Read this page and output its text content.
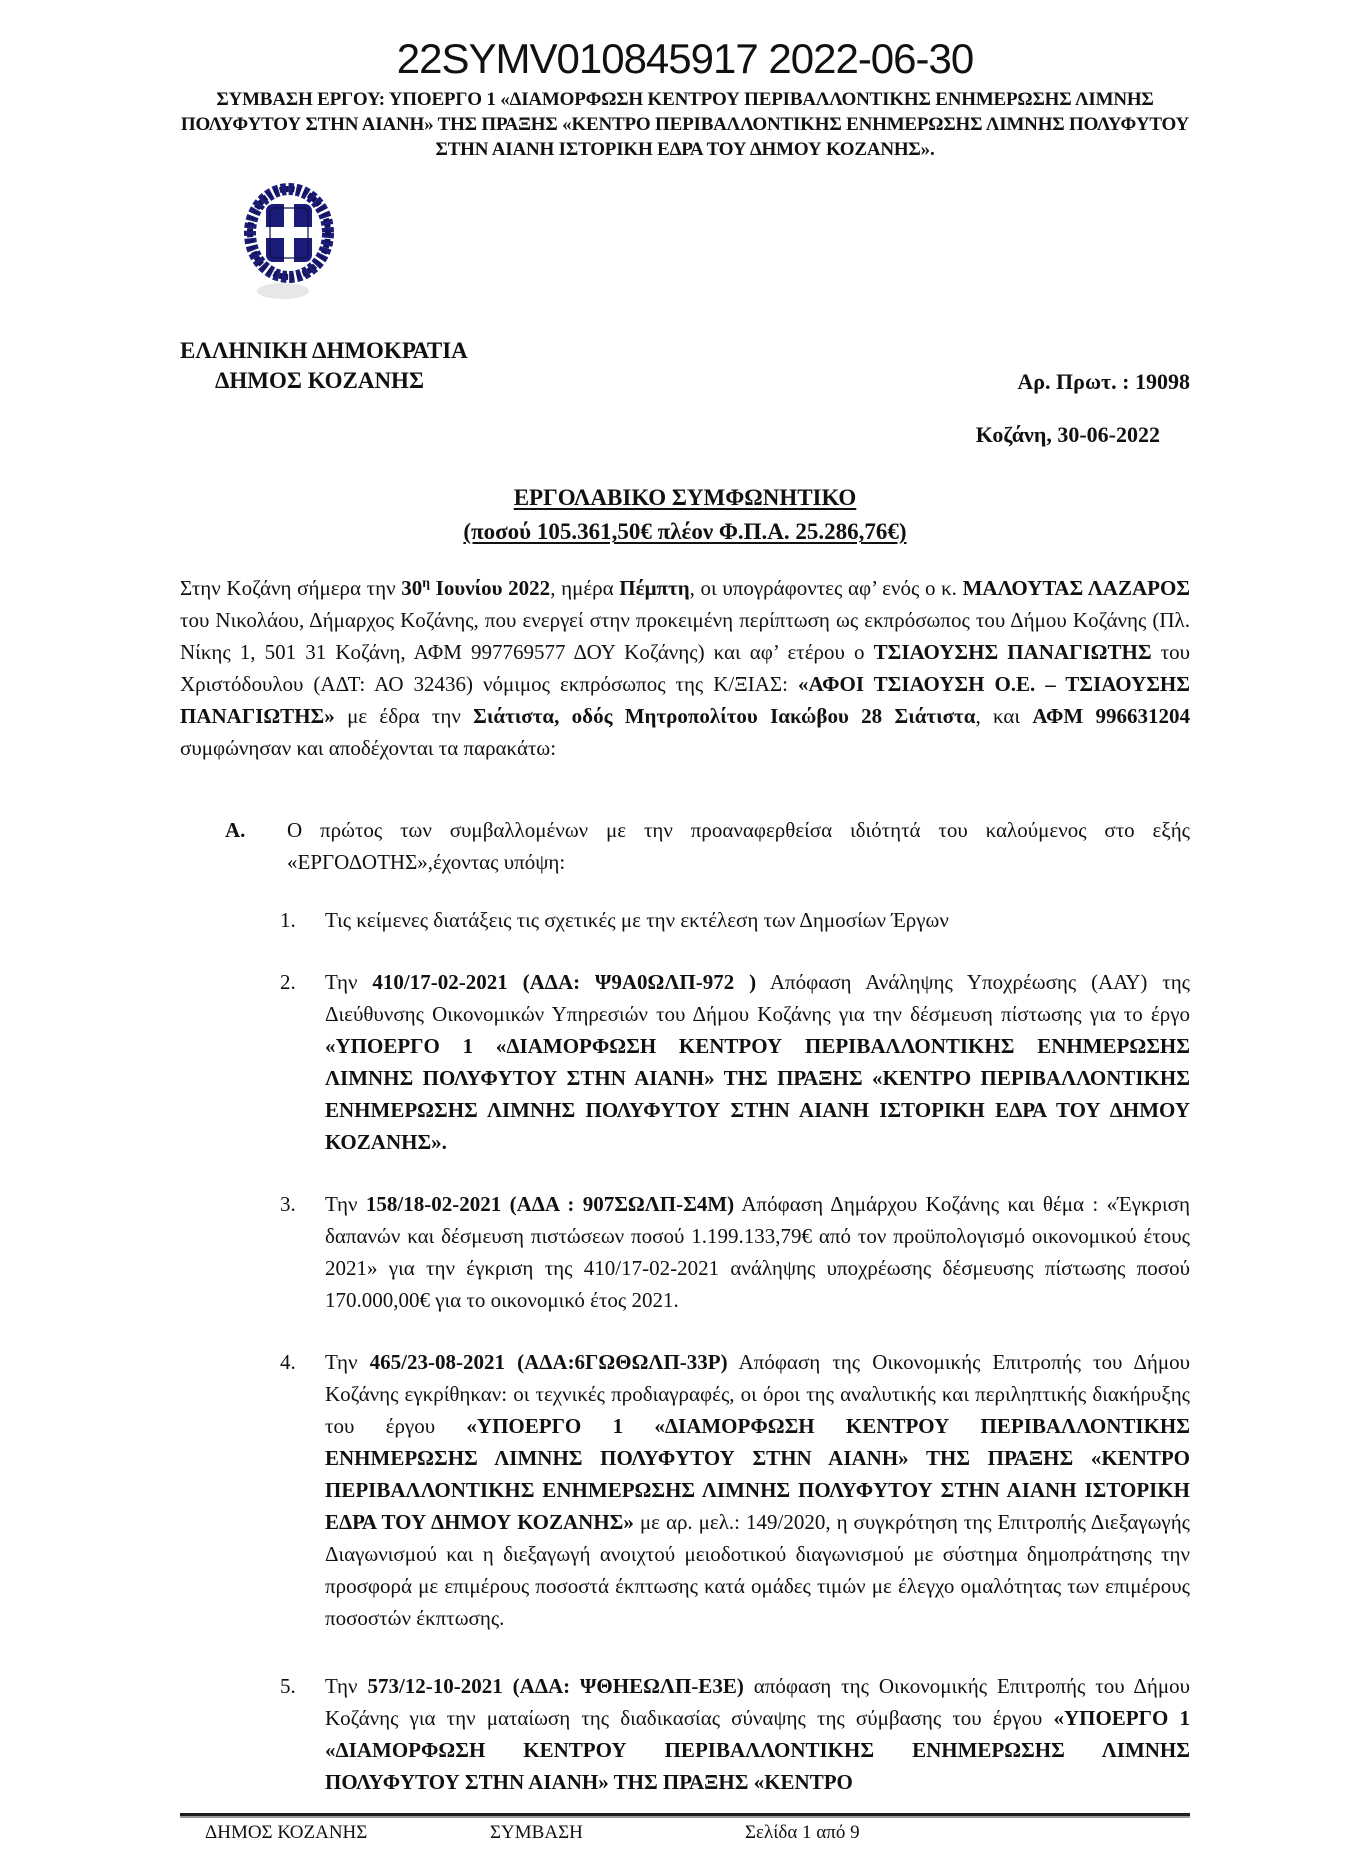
22SYMV010845917 2022-06-30
ΣΥΜΒΑΣΗ ΕΡΓΟΥ: ΥΠΟΕΡΓΟ 1 «ΔΙΑΜΟΡΦΩΣΗ ΚΕΝΤΡΟΥ ΠΕΡΙΒΑΛΛΟΝΤΙΚΗΣ ΕΝΗΜΕΡΩΣΗΣ ΛΙΜΝΗΣ ΠΟΛΥΦΥΤΟΥ ΣΤΗΝ ΑΙΑΝΗ» ΤΗΣ ΠΡΑΞΗΣ «ΚΕΝΤΡΟ ΠΕΡΙΒΑΛΛΟΝΤΙΚΗΣ ΕΝΗΜΕΡΩΣΗΣ ΛΙΜΝΗΣ ΠΟΛΥΦΥΤΟΥ ΣΤΗΝ ΑΙΑΝΗ ΙΣΤΟΡΙΚΗ ΕΔΡΑ ΤΟΥ ΔΗΜΟΥ ΚΟΖΑΝΗΣ».
ΕΛΛΗΝΙΚΗ ΔΗΜΟΚΡΑΤΙΑ
ΔΗΜΟΣ ΚΟΖΑΝΗΣ	Αρ. Πρωτ. : 19098
Κοζάνη, 30-06-2022
ΕΡΓΟΛΑΒΙΚΟ ΣΥΜΦΩΝΗΤΙΚΟ
(ποσού 105.361,50€ πλέον Φ.Π.Α. 25.286,76€)

Στην Κοζάνη σήμερα την $30^\eta$ Ιουνίου 2022, ημέρα Πέμπτη, οι υπογράφοντες αφ’ ενός ο κ. ΜΑΛΟΥΤΑΣ ΛΑΖΑΡΟΣ του Νικολάου, Δήμαρχος Κοζάνης, που ενεργεί στην προκειμένη περίπτωση ως εκπρόσωπος του Δήμου Κοζάνης (Πλ. Νίκης 1, 501 31 Κοζάνη, ΑΦΜ 997769577 ΔΟΥ Κοζάνης) και αφ’ ετέρου ο ΤΣΙΑΟΥΣΗΣ ΠΑΝΑΓΙΩΤΗΣ του Χριστόδουλου (ΑΔΤ: ΑΟ 32436) νόμιμος εκπρόσωπος της Κ/ΞΙΑΣ: «ΑΦΟΙ ΤΣΙΑΟΥΣΗ Ο.Ε. – ΤΣΙΑΟΥΣΗΣ ΠΑΝΑΓΙΩΤΗΣ» με έδρα την Σιάτιστα, οδός Μητροπολίτου Ιακώβου 28 Σιάτιστα, και ΑΦΜ 996631204 συμφώνησαν και αποδέχονται τα παρακάτω:

Α. Ο πρώτος των συμβαλλομένων με την προαναφερθείσα ιδιότητά του καλούμενος στο εξής «ΕΡΓΟΔΟΤΗΣ»,έχοντας υπόψη:
1. Τις κείμενες διατάξεις τις σχετικές με την εκτέλεση των Δημοσίων Έργων
2. Την 410/17-02-2021 (ΑΔΑ: Ψ9Α0ΩΛΠ-972 ) Απόφαση Ανάληψης Υποχρέωσης (ΑΑΥ) της Διεύθυνσης Οικονομικών Υπηρεσιών του Δήμου Κοζάνης για την δέσμευση πίστωσης για το έργο «ΥΠΟΕΡΓΟ 1 «ΔΙΑΜΟΡΦΩΣΗ ΚΕΝΤΡΟΥ ΠΕΡΙΒΑΛΛΟΝΤΙΚΗΣ ΕΝΗΜΕΡΩΣΗΣ ΛΙΜΝΗΣ ΠΟΛΥΦΥΤΟΥ ΣΤΗΝ ΑΙΑΝΗ» ΤΗΣ ΠΡΑΞΗΣ «ΚΕΝΤΡΟ ΠΕΡΙΒΑΛΛΟΝΤΙΚΗΣ ΕΝΗΜΕΡΩΣΗΣ ΛΙΜΝΗΣ ΠΟΛΥΦΥΤΟΥ ΣΤΗΝ ΑΙΑΝΗ ΙΣΤΟΡΙΚΗ ΕΔΡΑ ΤΟΥ ΔΗΜΟΥ ΚΟΖΑΝΗΣ».
3. Την 158/18-02-2021 (ΑΔΑ : 907ΣΩΛΠ-Σ4Μ) Απόφαση Δημάρχου Κοζάνης και θέμα : «Έγκριση δαπανών και δέσμευση πιστώσεων ποσού 1.199.133,79€ από τον προϋπολογισμό οικονομικού έτους 2021» για την έγκριση της 410/17-02-2021 ανάληψης υποχρέωσης δέσμευσης πίστωσης ποσού 170.000,00€ για το οικονομικό έτος 2021.
4. Την 465/23-08-2021 (ΑΔΑ:6ΓΩΘΩΛΠ-33Ρ) Απόφαση της Οικονομικής Επιτροπής του Δήμου Κοζάνης εγκρίθηκαν: οι τεχνικές προδιαγραφές, οι όροι της αναλυτικής και περιληπτικής διακήρυξης του έργου «ΥΠΟΕΡΓΟ 1 «ΔΙΑΜΟΡΦΩΣΗ ΚΕΝΤΡΟΥ ΠΕΡΙΒΑΛΛΟΝΤΙΚΗΣ ΕΝΗΜΕΡΩΣΗΣ ΛΙΜΝΗΣ ΠΟΛΥΦΥΤΟΥ ΣΤΗΝ ΑΙΑΝΗ» ΤΗΣ ΠΡΑΞΗΣ «ΚΕΝΤΡΟ ΠΕΡΙΒΑΛΛΟΝΤΙΚΗΣ ΕΝΗΜΕΡΩΣΗΣ ΛΙΜΝΗΣ ΠΟΛΥΦΥΤΟΥ ΣΤΗΝ ΑΙΑΝΗ ΙΣΤΟΡΙΚΗ ΕΔΡΑ ΤΟΥ ΔΗΜΟΥ ΚΟΖΑΝΗΣ» με αρ. μελ.: 149/2020, η συγκρότηση της Επιτροπής Διεξαγωγής Διαγωνισμού και η διεξαγωγή ανοιχτού μειοδοτικού διαγωνισμού με σύστημα δημοπράτησης την προσφορά με επιμέρους ποσοστά έκπτωσης κατά ομάδες τιμών με έλεγχο ομαλότητας των επιμέρους ποσοστών έκπτωσης.
5. Την 573/12-10-2021 (ΑΔΑ: ΨΘΗΕΩΛΠ-Ε3Ε) απόφαση της Οικονομικής Επιτροπής του Δήμου Κοζάνης για την ματαίωση της διαδικασίας σύναψης της σύμβασης του έργου «ΥΠΟΕΡΓΟ 1 «ΔΙΑΜΟΡΦΩΣΗ ΚΕΝΤΡΟΥ ΠΕΡΙΒΑΛΛΟΝΤΙΚΗΣ ΕΝΗΜΕΡΩΣΗΣ ΛΙΜΝΗΣ ΠΟΛΥΦΥΤΟΥ ΣΤΗΝ ΑΙΑΝΗ» ΤΗΣ ΠΡΑΞΗΣ «ΚΕΝΤΡΟ
ΔΗΜΟΣ ΚΟΖΑΝΗΣ	ΣΥΜΒΑΣΗ	Σελίδα 1 από 9
